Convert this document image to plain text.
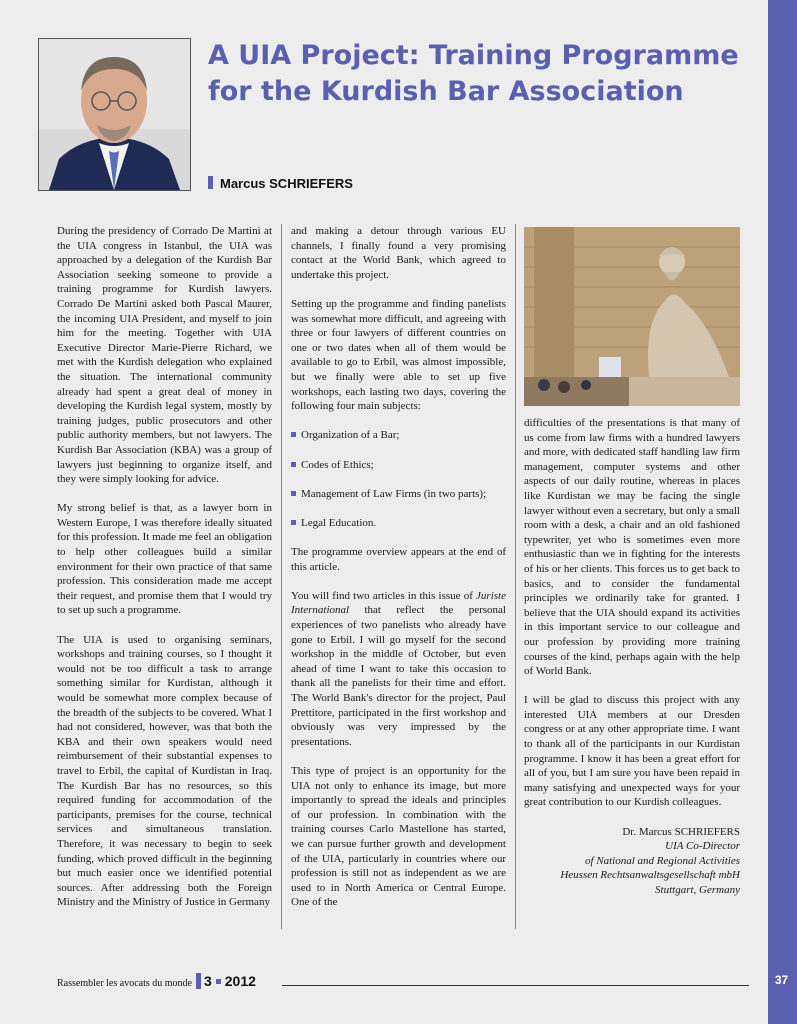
A UIA Project: Training Programme
for the Kurdish Bar Association
Marcus SCHRIEFERS

During the presidency of Corrado De Martini at the UIA congress in Istanbul, the UIA was approached by a delegation of the Kurdish Bar Association seeking someone to provide a training programme for Kurdish lawyers. Corrado De Martini asked both Pascal Maurer, the incoming UIA President, and myself to join him for the meeting. Together with UIA Executive Director Marie-Pierre Richard, we met with the Kurdish delegation who explained the situation. The international community already had spent a great deal of money in developing the Kurdish legal system, mostly by training judges, public prosecutors and other public authority members, but not lawyers. The Kurdish Bar Association (KBA) was a group of lawyers just beginning to organize itself, and they were simply looking for advice.

My strong belief is that, as a lawyer born in Western Europe, I was therefore ideally situated for this profession. It made me feel an obligation to help other colleagues build a similar environment for their own practice of that same profession. This consideration made me accept their request, and promise them that I would try to set up such a programme.

The UIA is used to organising seminars, workshops and training courses, so I thought it would not be too difficult a task to arrange something similar for Kurdistan, although it would be somewhat more complex because of the breadth of the subjects to be covered. What I had not considered, however, was that both the KBA and their own speakers would need reimbursement of their substantial expenses to travel to Erbil, the capital of Kurdistan in Iraq. The Kurdish Bar has no resources, so this required funding for accommodation of the participants, premises for the course, technical services and simultaneous translation. Therefore, it was necessary to begin to seek funding, which proved difficult in the beginning but much easier once we identified potential sources. After addressing both the Foreign Ministry and the Ministry of Justice in Germany

and making a detour through various EU channels, I finally found a very promising contact at the World Bank, which agreed to undertake this project.

Setting up the programme and finding panelists was somewhat more difficult, and agreeing with three or four lawyers of different countries on one or two dates when all of them would be available to go to Erbil, was almost impossible, but we finally were able to set up five workshops, each lasting two days, covering the following four main subjects:

Organization of a Bar;
Codes of Ethics;
Management of Law Firms (in two parts);
Legal Education.

The programme overview appears at the end of this article.

You will find two articles in this issue of Juriste International that reflect the personal experiences of two panelists who already have gone to Erbil. I will go myself for the second workshop in the middle of October, but even ahead of time I want to take this occasion to thank all the panelists for their time and effort. The World Bank's director for the project, Paul Prettitore, participated in the first workshop and obviously was very impressed by the presentations.

This type of project is an opportunity for the UIA not only to enhance its image, but more importantly to spread the ideals and principles of our profession. In combination with the training courses Carlo Mastellone has started, we can pursue further growth and development of the UIA, particularly in countries where our profession is still not as independent as we are used to in North America or Central Europe. One of the

difficulties of the presentations is that many of us come from law firms with a hundred lawyers and more, with dedicated staff handling law firm management, computer systems and other aspects of our daily routine, whereas in places like Kurdistan we may be facing the single lawyer without even a secretary, but only a small room with a desk, a chair and an old fashioned typewriter, yet who is sometimes even more enthusiastic than we in fighting for the interests of his or her clients. This forces us to get back to basics, and to consider the fundamental principles we ordinarily take for granted. I believe that the UIA should expand its activities in this important service to our colleague and our profession by providing more training courses of the kind, perhaps again with the help of World Bank.

I will be glad to discuss this project with any interested UIA members at our Dresden congress or at any other appropriate time. I want to thank all of the participants in our Kurdistan programme. I know it has been a great effort for all of you, but I am sure you have been repaid in many satisfying and unexpected ways for your great contribution to our Kurdish colleagues.

Dr. Marcus SCHRIEFERS
UIA Co-Director
of National and Regional Activities
Heussen Rechtsanwaltsgesellschaft mbH
Stuttgart, Germany
Rassembler les avocats du monde 3 2012	37
